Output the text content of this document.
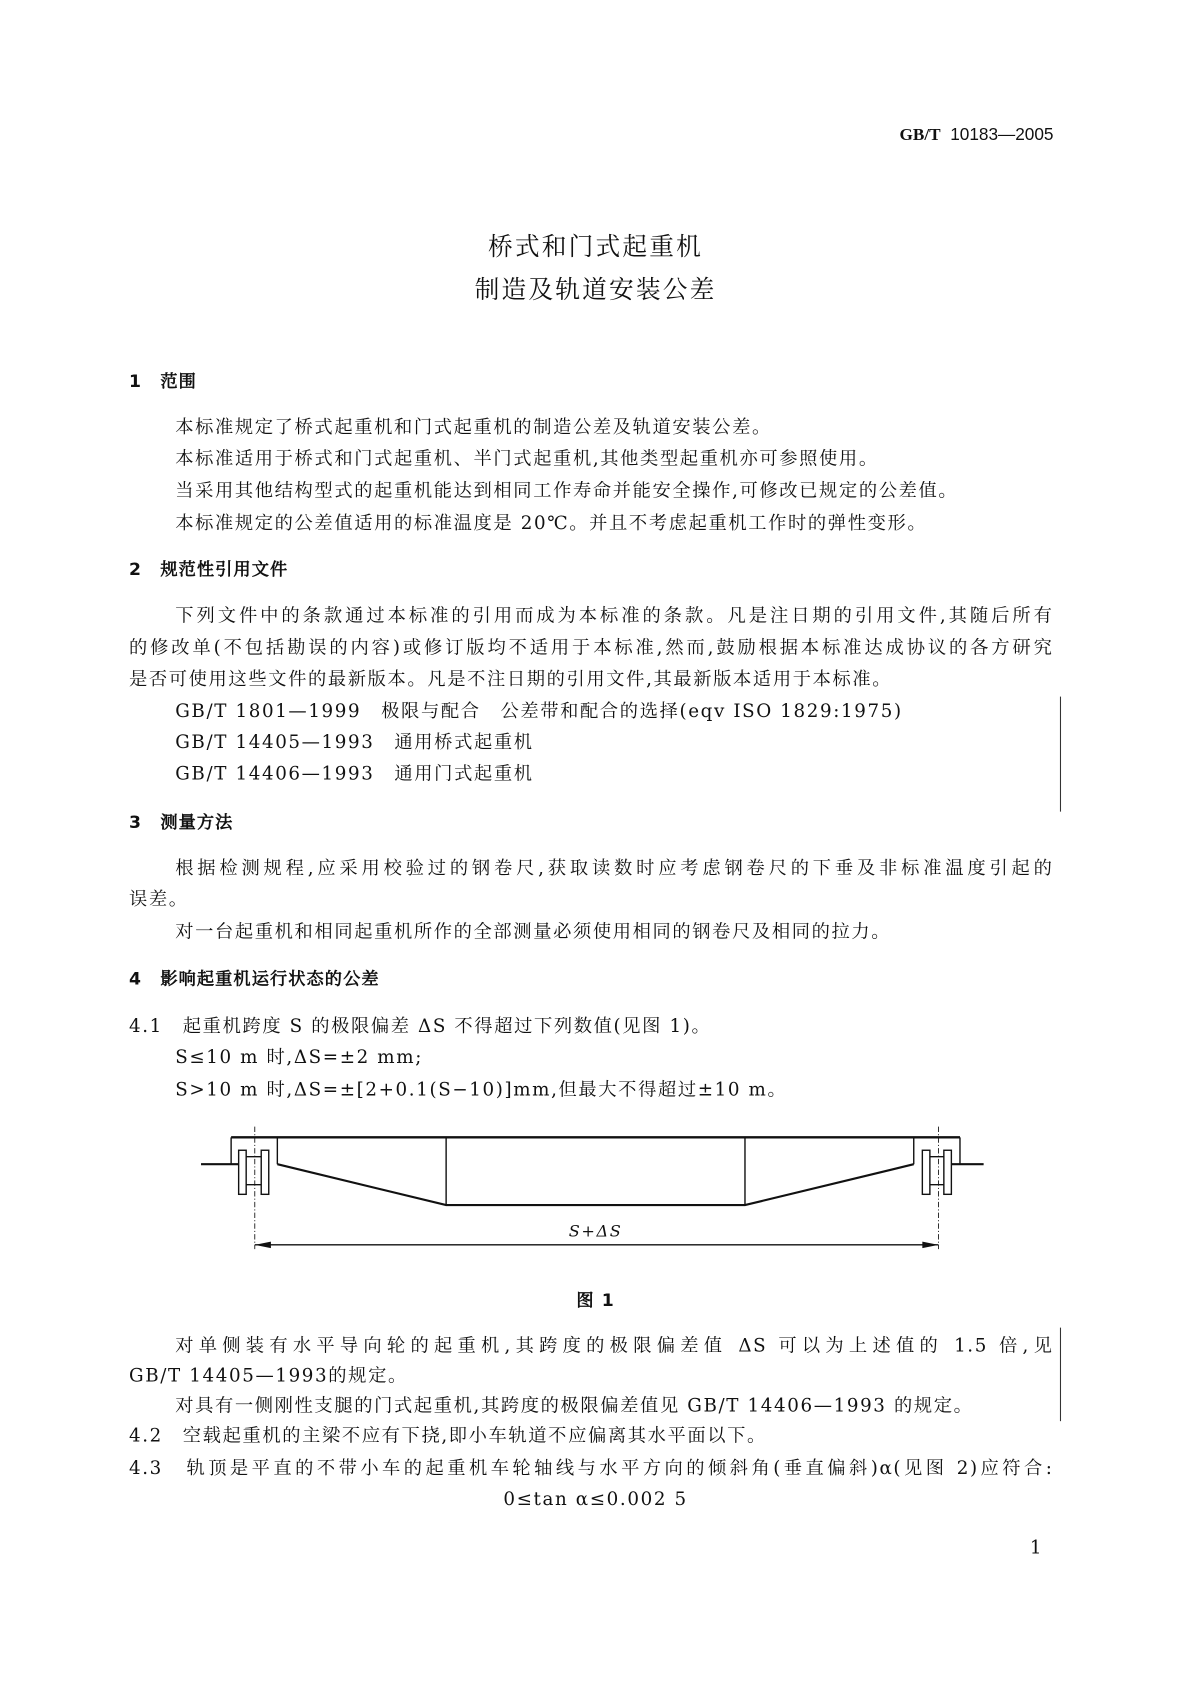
GB/T 10183—2005
桥式和门式起重机
制造及轨道安装公差
1　范围
本标准规定了桥式起重机和门式起重机的制造公差及轨道安装公差。
本标准适用于桥式和门式起重机、半门式起重机,其他类型起重机亦可参照使用。
当采用其他结构型式的起重机能达到相同工作寿命并能安全操作,可修改已规定的公差值。
本标准规定的公差值适用的标准温度是 20℃。并且不考虑起重机工作时的弹性变形。
2　规范性引用文件
下列文件中的条款通过本标准的引用而成为本标准的条款。凡是注日期的引用文件,其随后所有
的修改单(不包括勘误的内容)或修订版均不适用于本标准,然而,鼓励根据本标准达成协议的各方研究
是否可使用这些文件的最新版本。凡是不注日期的引用文件,其最新版本适用于本标准。
GB/T 1801—1999　极限与配合　公差带和配合的选择(eqv ISO 1829:1975)
GB/T 14405—1993　通用桥式起重机
GB/T 14406—1993　通用门式起重机
3　测量方法
根据检测规程,应采用校验过的钢卷尺,获取读数时应考虑钢卷尺的下垂及非标准温度引起的
误差。
对一台起重机和相同起重机所作的全部测量必须使用相同的钢卷尺及相同的拉力。
4　影响起重机运行状态的公差
4.1　起重机跨度 S 的极限偏差 ΔS 不得超过下列数值(见图 1)。
S≤10 m 时,ΔS=±2 mm;
S>10 m 时,ΔS=±[2+0.1(S−10)]mm,但最大不得超过±10 m。
S+ΔS
图 1
对单侧装有水平导向轮的起重机,其跨度的极限偏差值 ΔS 可以为上述值的 1.5 倍,见
GB/T 14405—1993的规定。
对具有一侧刚性支腿的门式起重机,其跨度的极限偏差值见 GB/T 14406—1993 的规定。
4.2　空载起重机的主梁不应有下挠,即小车轨道不应偏离其水平面以下。
4.3　轨顶是平直的不带小车的起重机车轮轴线与水平方向的倾斜角(垂直偏斜)α(见图 2)应符合:
0≤tan α≤0.002 5
1
